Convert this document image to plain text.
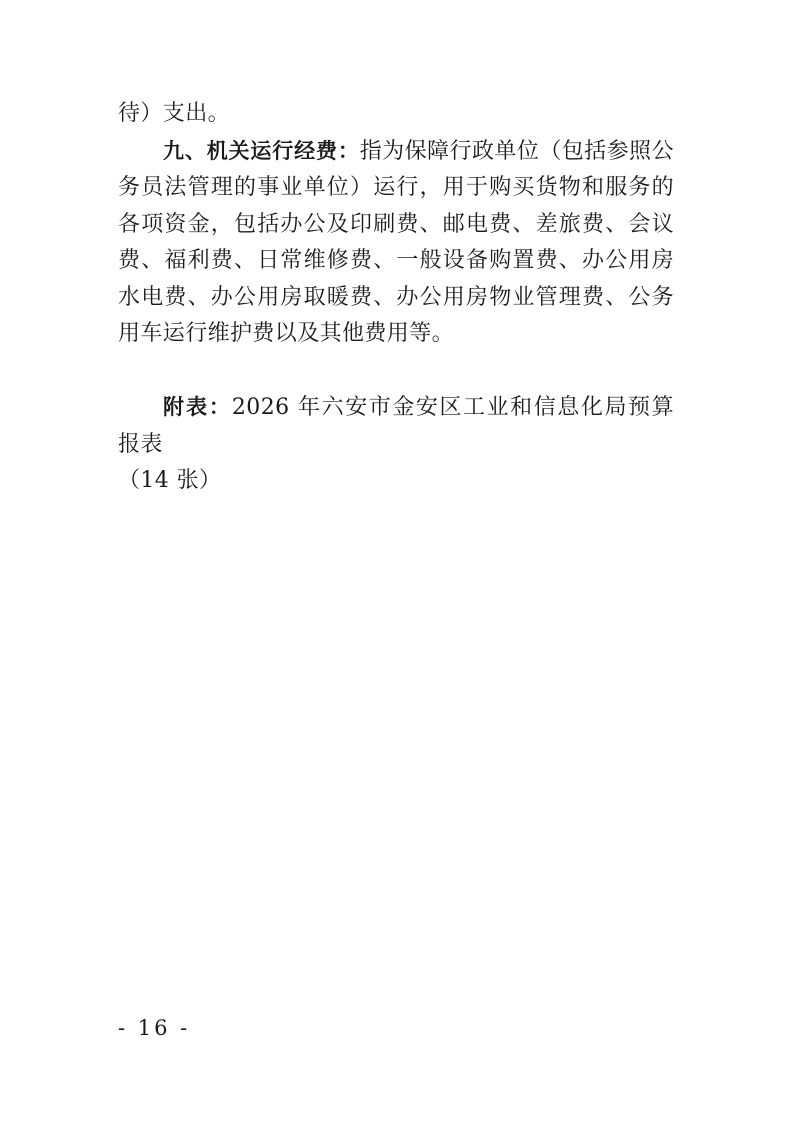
待）支出。

九、机关运行经费：指为保障行政单位（包括参照公务员法管理的事业单位）运行，用于购买货物和服务的各项资金，包括办公及印刷费、邮电费、差旅费、会议费、福利费、日常维修费、一般设备购置费、办公用房水电费、办公用房取暖费、办公用房物业管理费、公务用车运行维护费以及其他费用等。

附表：2026 年六安市金安区工业和信息化局预算报表
（14 张）

- 16 -
